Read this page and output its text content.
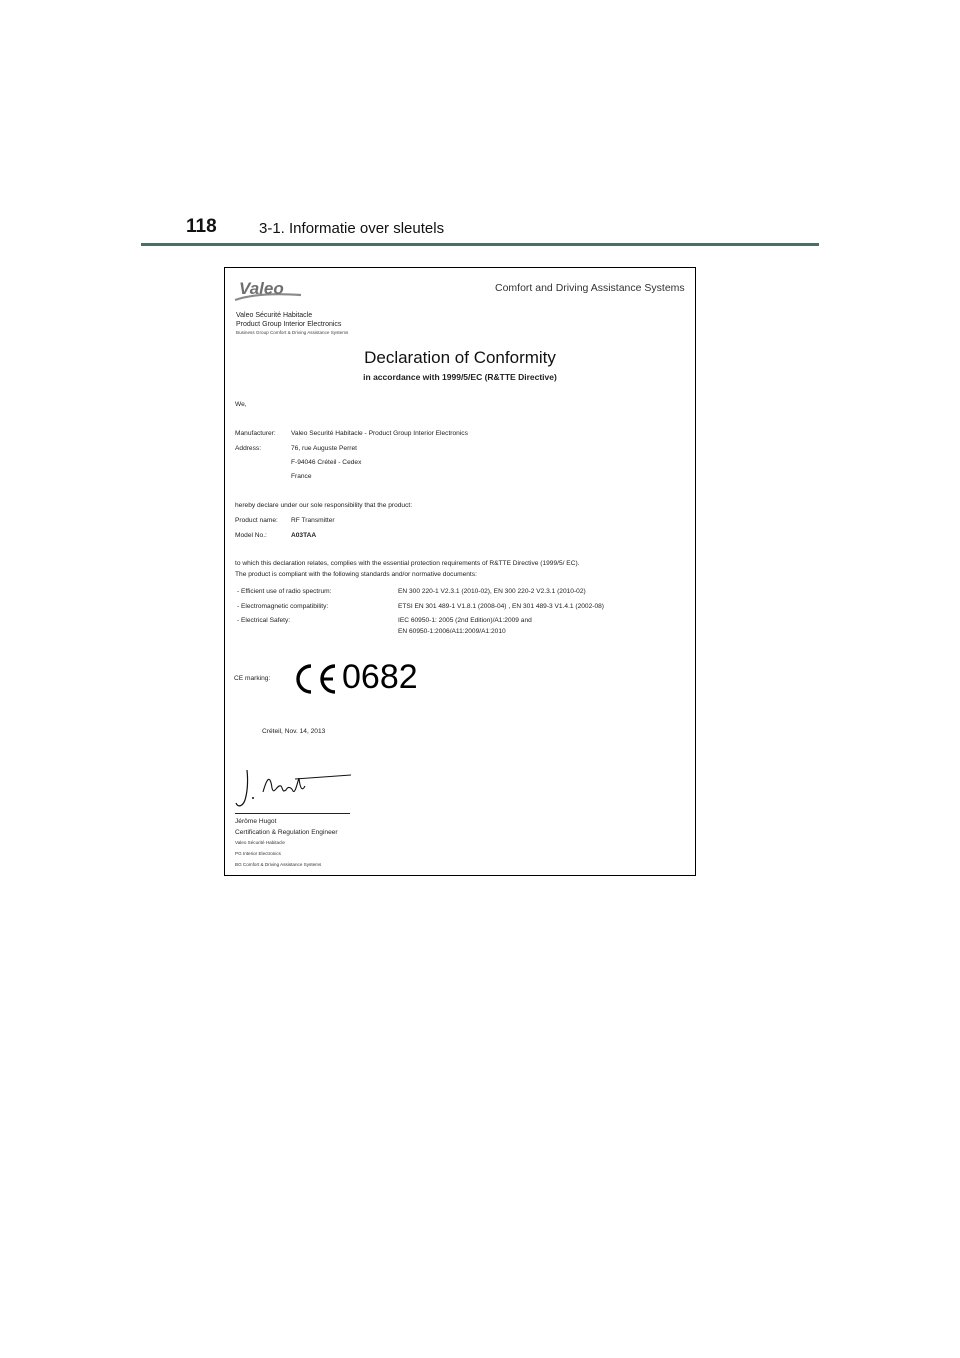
118	3-1. Informatie over sleutels
Valeo	Comfort and Driving Assistance Systems
Valeo Sécurité Habitacle
Product Group Interior Electronics
Business Group Comfort & Driving Assistance Systems
Declaration of Conformity
in accordance with 1999/5/EC (R&TTE Directive)
We,
Manufacturer: Valeo Securité Habitacle - Product Group Interior Electronics
Address:	76, rue Auguste Perret
F-94046 Créteil - Cedex
France
hereby declare under our sole responsibility that the product:
Product name: RF Transmitter
Model No.:	A03TAA
to which this declaration relates, complies with the essential protection requirements of R&TTE Directive (1999/5/ EC).
The product is compliant with the following standards and/or normative documents:
- Efficient use of radio spectrum:	EN 300 220-1 V2.3.1 (2010-02), EN 300 220-2 V2.3.1 (2010-02)
- Electromagnetic compatibility:	ETSI EN 301 489-1 V1.8.1 (2008-04) , EN 301 489-3 V1.4.1 (2002-08)
- Electrical Safety:	IEC 60950-1: 2005 (2nd Edition)/A1:2009 and
EN 60950-1:2006/A11:2009/A1:2010
CE marking: 0682
Créteil, Nov. 14, 2013
Jérôme Hugot
Certification & Regulation Engineer
Valeo Sécurité Habitacle
PG Interior Electronics
BG Comfort & Driving Assistance Systems
